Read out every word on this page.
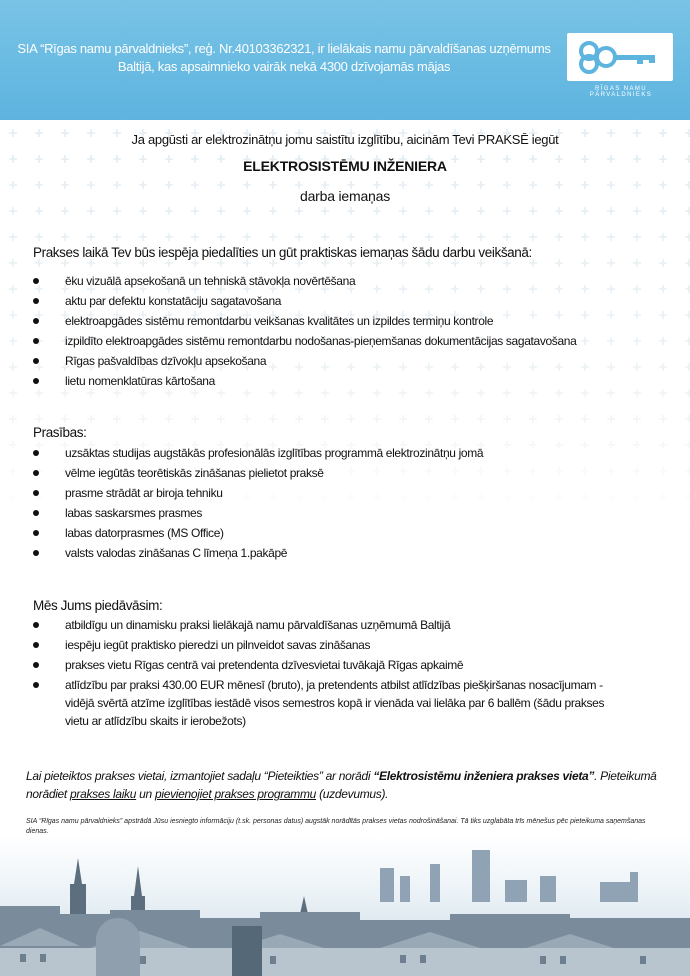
SIA “Rīgas namu pārvaldnieks”, reģ. Nr.40103362321, ir lielākais namu pārvaldīšanas uzņēmums Baltijā, kas apsaimnieko vairāk nekā 4300 dzīvojamās mājas
RĪGAS NAMU PĀRVALDNIEKS
Ja apgūsti ar elektrozinātņu jomu saistītu izglītību, aicinām Tevi PRAKSĒ iegūt
ELEKTROSISTĒMU INŽENIERA
darba iemaņas
Prakses laikā Tev būs iespēja piedalīties un gūt praktiskas iemaņas šādu darbu veikšanā:
ēku vizuālā apsekošanā un tehniskā stāvokļa novērtēšana
aktu par defektu konstatāciju sagatavošana
elektroapgādes sistēmu remontdarbu veikšanas kvalitātes un izpildes termiņu kontrole
izpildīto elektroapgādes sistēmu remontdarbu nodošanas-pieņemšanas dokumentācijas sagatavošana
Rīgas pašvaldības dzīvokļu apsekošana
lietu nomenklatūras kārtošana
Prasības:
uzsāktas studijas augstākās profesionālās izglītības programmā elektrozinātņu jomā
vēlme iegūtās teorētiskās zināšanas pielietot praksē
prasme strādāt ar biroja tehniku
labas saskarsmes prasmes
labas datorprasmes (MS Office)
valsts valodas zināšanas C līmeņa 1.pakāpē
Mēs Jums piedāvāsim:
atbildīgu un dinamisku praksi lielākajā namu pārvaldīšanas uzņēmumā Baltijā
iespēju iegūt praktisko pieredzi un pilnveidot savas zināšanas
prakses vietu Rīgas centrā vai pretendenta dzīvesvietai tuvākajā Rīgas apkaimē
atlīdzību par praksi 430.00 EUR mēnesī (bruto), ja pretendents atbilst atlīdzības piešķiršanas nosacījumam - vidējā svērtā atzīme izglītības iestādē visos semestros kopā ir vienāda vai lielāka par 6 ballēm (šādu prakses vietu ar atlīdzību skaits ir ierobežots)
Lai pieteiktos prakses vietai, izmantojiet sadaļu “Pieteikties” ar norādi “Elektrosistēmu inženiera prakses vieta”. Pieteikumā norādiet prakses laiku un pievienojiet prakses programmu (uzdevumus).
SIA “Rīgas namu pārvaldnieks” apstrādā Jūsu iesniegto informāciju (t.sk. personas datus) augstāk norādītās prakses vietas nodrošināšanai. Tā tiks uzglabāta trīs mēnešus pēc pieteikuma saņemšanas dienas.
